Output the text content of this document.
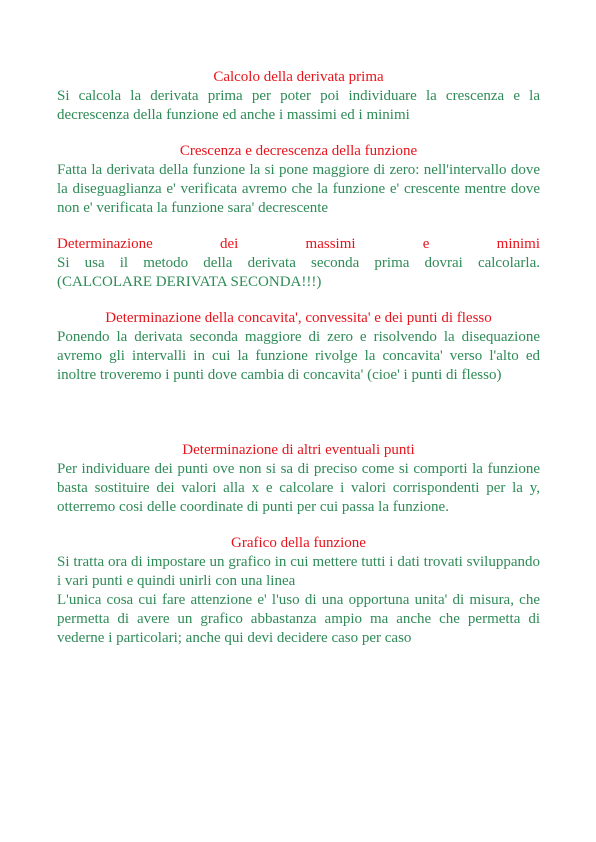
Calcolo della derivata prima

Si calcola la derivata prima per poter poi individuare la crescenza e la decrescenza della funzione ed anche i massimi ed i minimi

Crescenza e decrescenza della funzione

Fatta la derivata della funzione la si pone maggiore di zero: nell'intervallo dove la diseguaglianza e' verificata avremo che la funzione e' crescente mentre dove non e' verificata la funzione sara' decrescente

Determinazione dei massimi e minimi

Si usa il metodo della derivata seconda prima dovrai calcolarla.

(CALCOLARE DERIVATA SECONDA!!!)

Determinazione della concavita', convessita' e dei punti di flesso

Ponendo la derivata seconda maggiore di zero e risolvendo la disequazione avremo gli intervalli in cui la funzione rivolge la concavita' verso l'alto ed inoltre troveremo i punti dove cambia di concavita' (cioe' i punti di flesso)

Determinazione di altri eventuali punti

Per individuare dei punti ove non si sa di preciso come si comporti la funzione basta sostituire dei valori alla x e calcolare i valori corrispondenti per la y, otterremo cosi delle coordinate di punti per cui passa la funzione.

Grafico della funzione

Si tratta ora di impostare un grafico in cui mettere tutti i dati trovati sviluppando i vari punti e quindi unirli con una linea

L'unica cosa cui fare attenzione e' l'uso di una opportuna unita' di misura, che permetta di avere un grafico abbastanza ampio ma anche che permetta di vederne i particolari; anche qui devi decidere caso per caso
